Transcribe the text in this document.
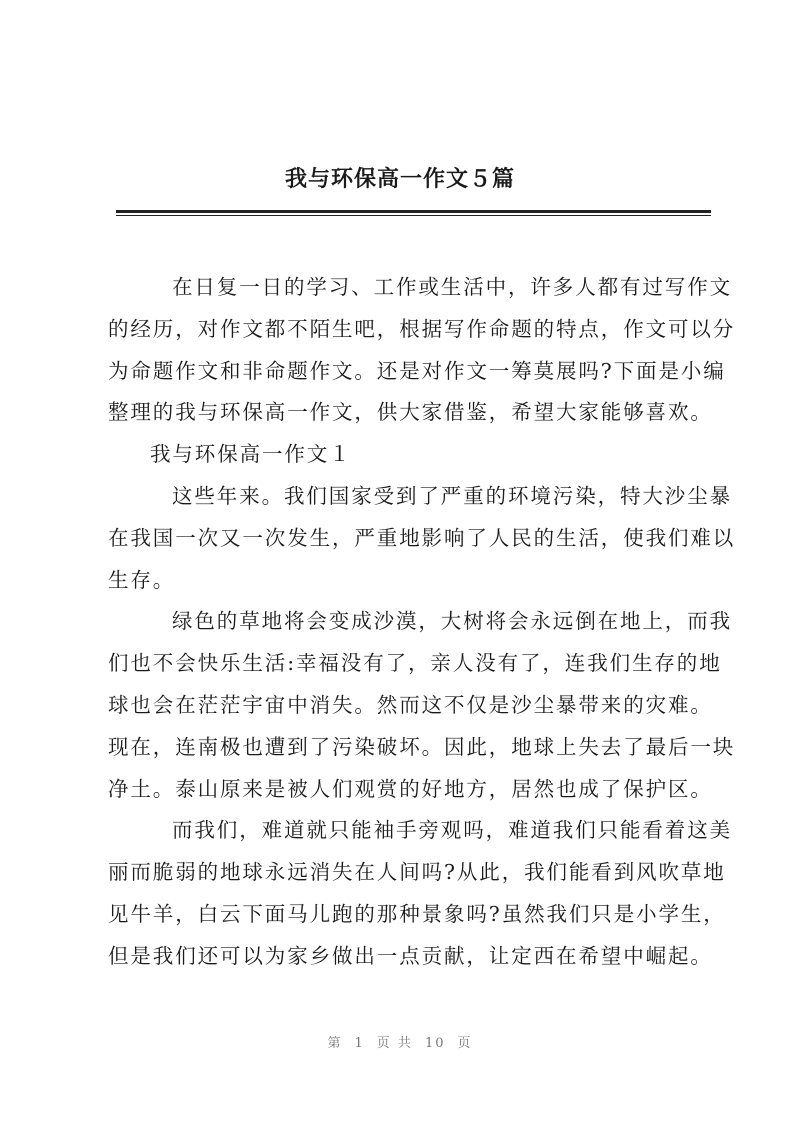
我与环保高一作文５篇
在日复一日的学习、工作或生活中，许多人都有过写作文
的经历，对作文都不陌生吧，根据写作命题的特点，作文可以分
为命题作文和非命题作文。还是对作文一筹莫展吗?下面是小编
整理的我与环保高一作文，供大家借鉴，希望大家能够喜欢。
我与环保高一作文１
这些年来。我们国家受到了严重的环境污染，特大沙尘暴
在我国一次又一次发生，严重地影响了人民的生活，使我们难以
生存。
绿色的草地将会变成沙漠，大树将会永远倒在地上，而我
们也不会快乐生活:幸福没有了，亲人没有了，连我们生存的地
球也会在茫茫宇宙中消失。然而这不仅是沙尘暴带来的灾难。
现在，连南极也遭到了污染破坏。因此，地球上失去了最后一块
净土。泰山原来是被人们观赏的好地方，居然也成了保护区。
而我们，难道就只能袖手旁观吗，难道我们只能看着这美
丽而脆弱的地球永远消失在人间吗?从此，我们能看到风吹草地
见牛羊，白云下面马儿跑的那种景象吗?虽然我们只是小学生，
但是我们还可以为家乡做出一点贡献，让定西在希望中崛起。
第 1 页 共 10 页
